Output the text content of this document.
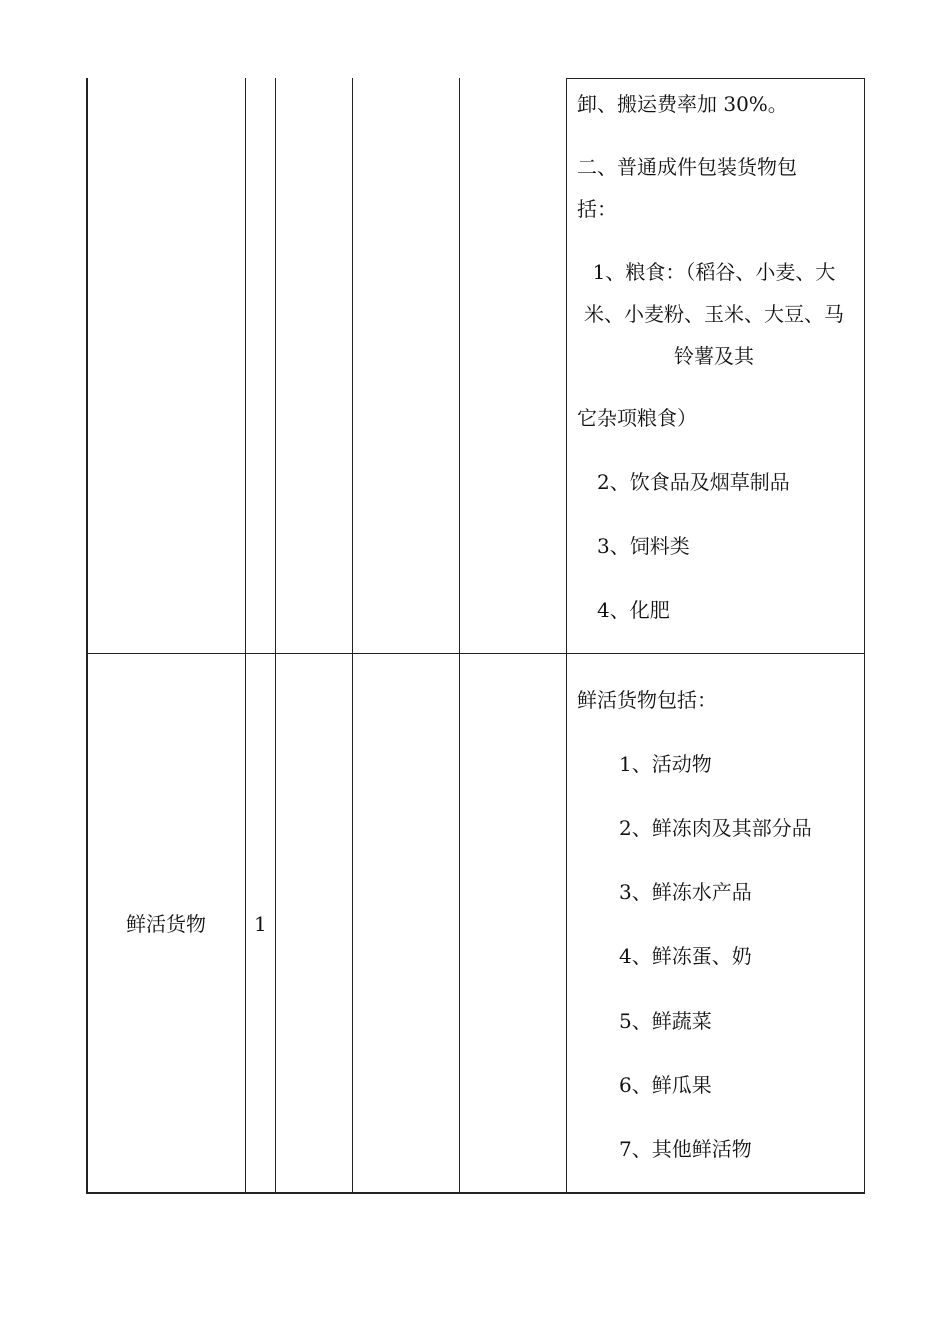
卸、搬运费率加 30%。
二、普通成件包装货物包
括：
1、粮食：（稻谷、小麦、大米、小麦粉、玉米、大豆、马铃薯及其
它杂项粮食）
2、饮食品及烟草制品
3、饲料类
4、化肥
鲜活货物 1
鲜活货物包括：
1、活动物
2、鲜冻肉及其部分品
3、鲜冻水产品
4、鲜冻蛋、奶
5、鲜蔬菜
6、鲜瓜果
7、其他鲜活物
